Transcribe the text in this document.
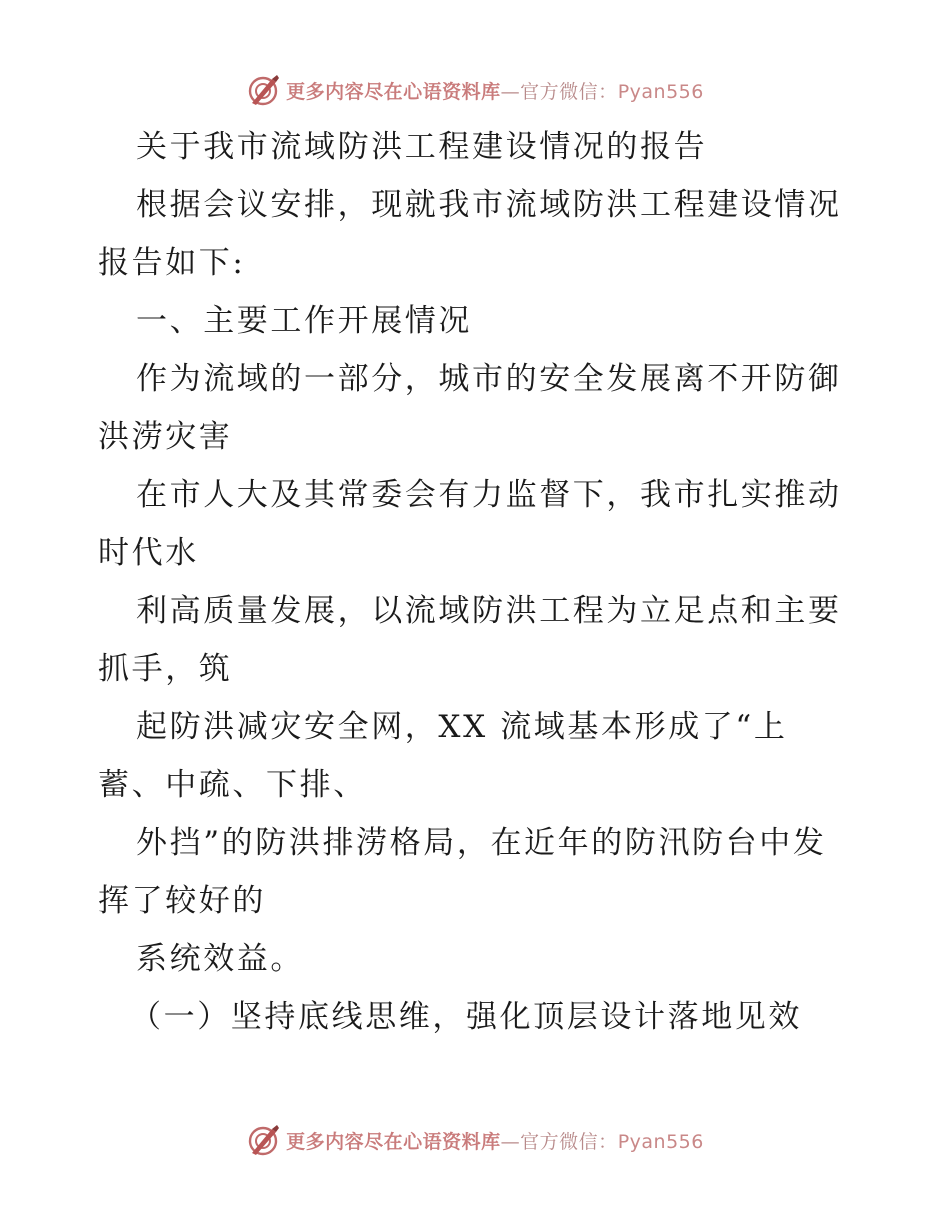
更多内容尽在心语资料库—官方微信：Pyan556
关于我市流域防洪工程建设情况的报告
根据会议安排，现就我市流域防洪工程建设情况
报告如下:
一、主要工作开展情况
作为流域的一部分，城市的安全发展离不开防御
洪涝灾害
在市人大及其常委会有力监督下，我市扎实推动
时代水
利高质量发展，以流域防洪工程为立足点和主要
抓手，筑
起防洪减灾安全网，XX 流域基本形成了“上
蓄、中疏、下排、
外挡”的防洪排涝格局，在近年的防汛防台中发
挥了较好的
系统效益。
（一）坚持底线思维，强化顶层设计落地见效
更多内容尽在心语资料库—官方微信：Pyan556
